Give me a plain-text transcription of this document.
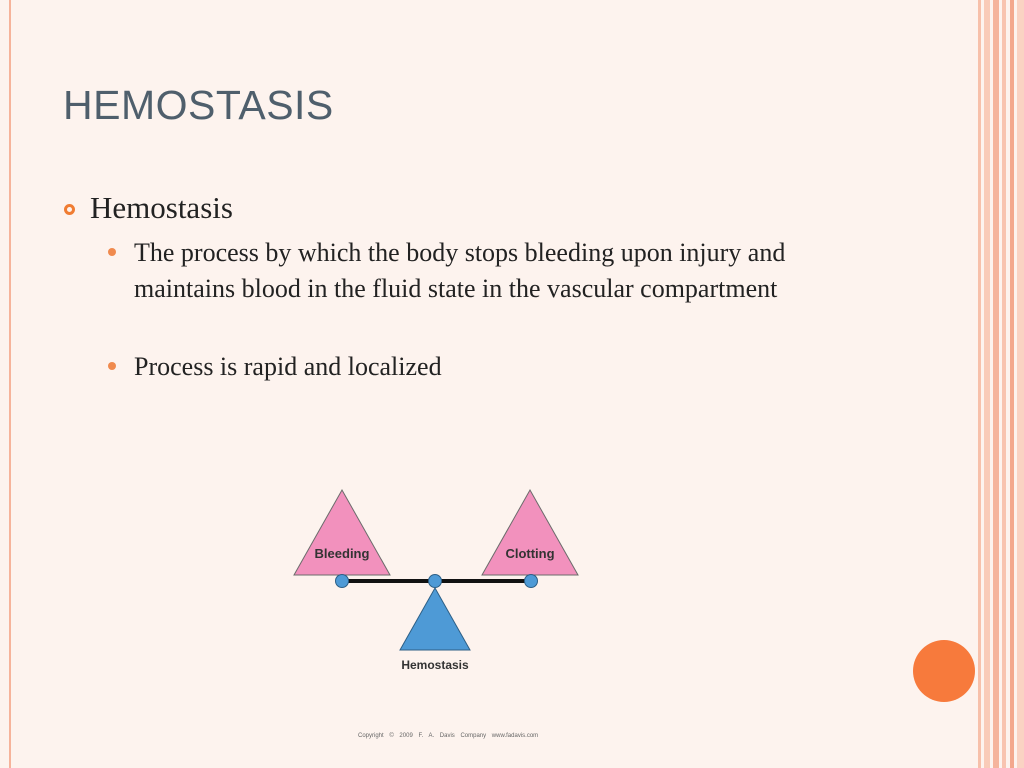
HEMOSTASIS
Hemostasis
The process by which the body stops bleeding upon injury and maintains blood in the fluid state in the vascular compartment
Process is rapid and localized
Bleeding	Clotting
Hemostasis
Copyright © 2009 F. A. Davis Company www.fadavis.com
